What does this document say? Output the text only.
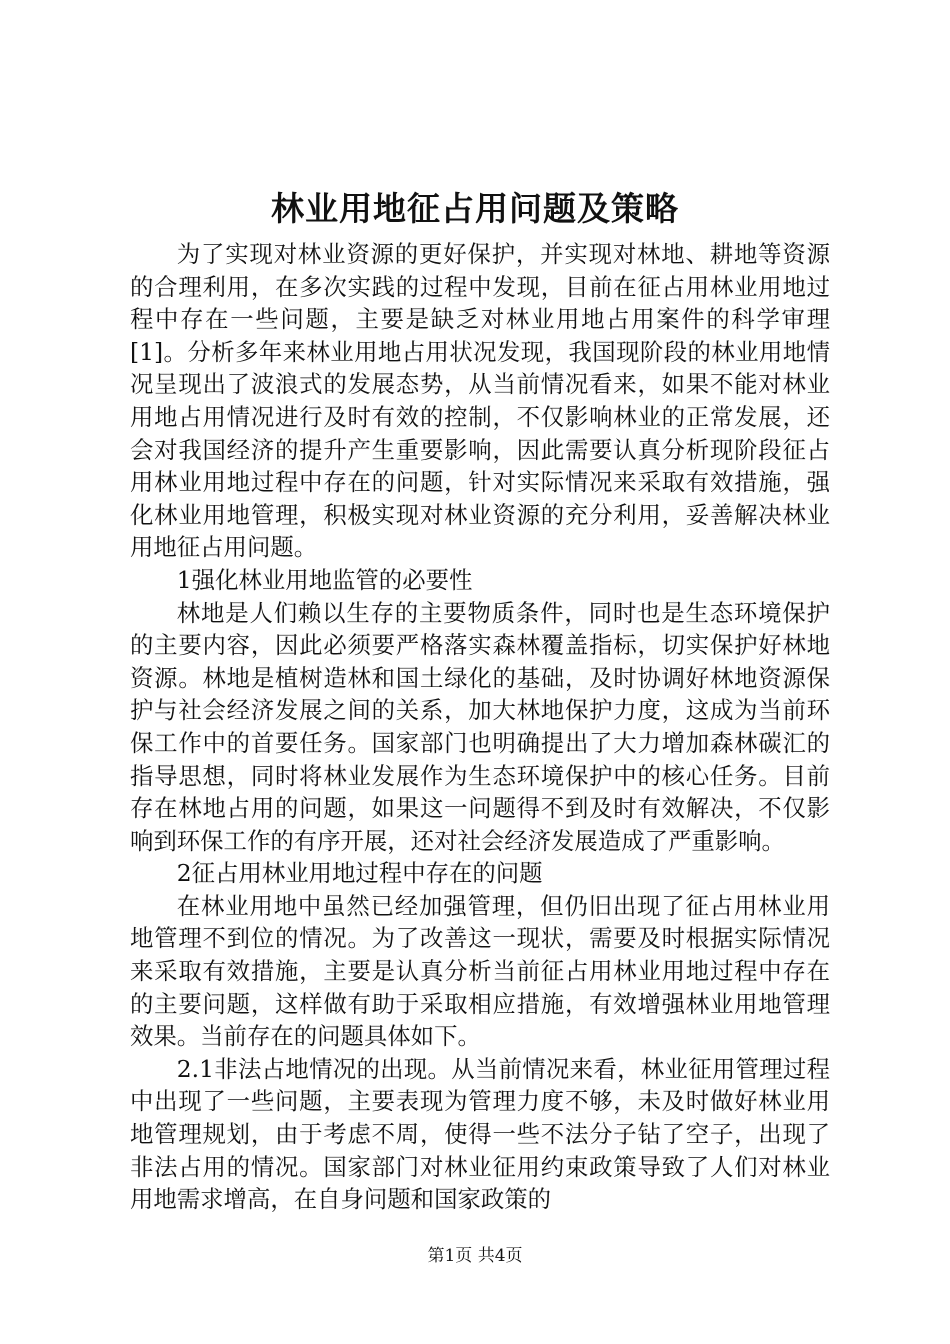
林业用地征占用问题及策略

为了实现对林业资源的更好保护，并实现对林地、耕地等资源的合理利用，在多次实践的过程中发现，目前在征占用林业用地过程中存在一些问题，主要是缺乏对林业用地占用案件的科学审理[1]。分析多年来林业用地占用状况发现，我国现阶段的林业用地情况呈现出了波浪式的发展态势，从当前情况看来，如果不能对林业用地占用情况进行及时有效的控制，不仅影响林业的正常发展，还会对我国经济的提升产生重要影响，因此需要认真分析现阶段征占用林业用地过程中存在的问题，针对实际情况来采取有效措施，强化林业用地管理，积极实现对林业资源的充分利用，妥善解决林业用地征占用问题。

1强化林业用地监管的必要性

林地是人们赖以生存的主要物质条件，同时也是生态环境保护的主要内容，因此必须要严格落实森林覆盖指标，切实保护好林地资源。林地是植树造林和国土绿化的基础，及时协调好林地资源保护与社会经济发展之间的关系，加大林地保护力度，这成为当前环保工作中的首要任务。国家部门也明确提出了大力增加森林碳汇的指导思想，同时将林业发展作为生态环境保护中的核心任务。目前存在林地占用的问题，如果这一问题得不到及时有效解决，不仅影响到环保工作的有序开展，还对社会经济发展造成了严重影响。

2征占用林业用地过程中存在的问题

在林业用地中虽然已经加强管理，但仍旧出现了征占用林业用地管理不到位的情况。为了改善这一现状，需要及时根据实际情况来采取有效措施，主要是认真分析当前征占用林业用地过程中存在的主要问题，这样做有助于采取相应措施，有效增强林业用地管理效果。当前存在的问题具体如下。

2.1非法占地情况的出现。从当前情况来看，林业征用管理过程中出现了一些问题，主要表现为管理力度不够，未及时做好林业用地管理规划，由于考虑不周，使得一些不法分子钻了空子，出现了非法占用的情况。国家部门对林业征用约束政策导致了人们对林业用地需求增高，在自身问题和国家政策的

第1页 共4页
